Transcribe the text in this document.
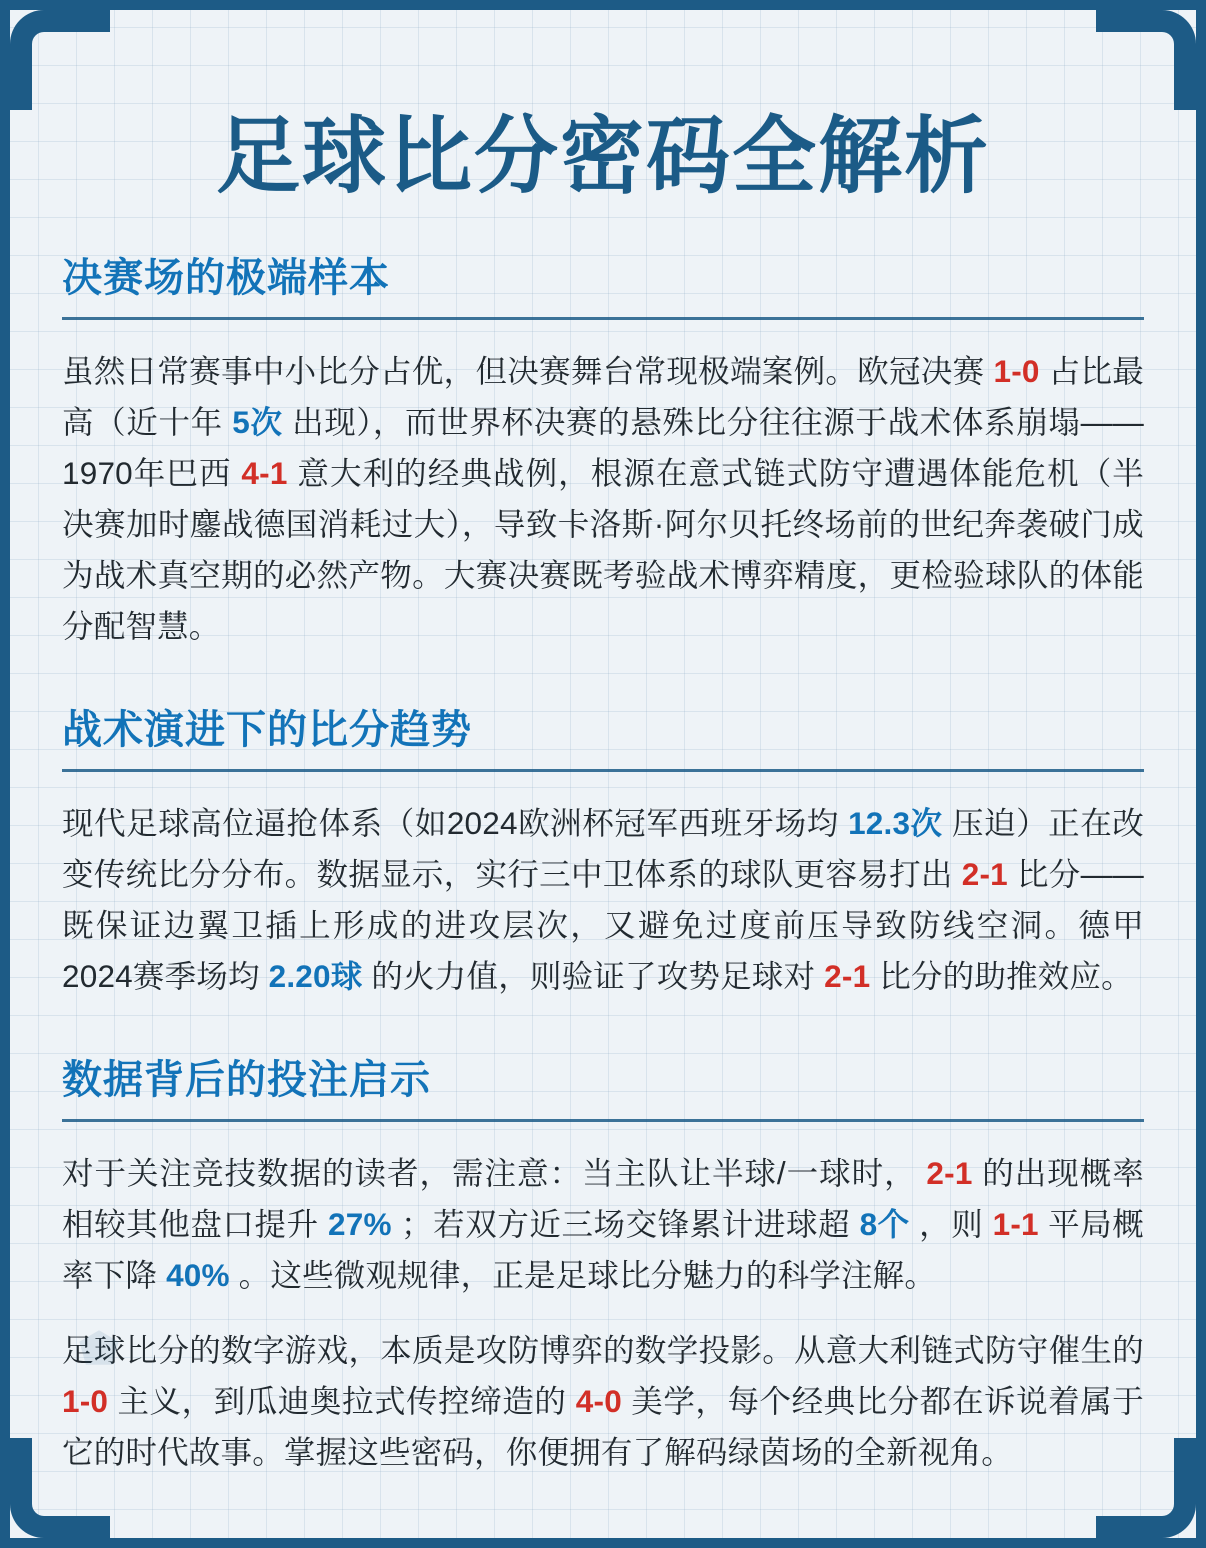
足球比分密码全解析
决赛场的极端样本

虽然日常赛事中小比分占优，但决赛舞台常现极端案例。欧冠决赛 1-0 占比最高（近十年 5次 出现），而世界杯决赛的悬殊比分往往源于战术体系崩塌——1970年巴西 4-1 意大利的经典战例，根源在意式链式防守遭遇体能危机（半决赛加时鏖战德国消耗过大），导致卡洛斯·阿尔贝托终场前的世纪奔袭破门成为战术真空期的必然产物。大赛决赛既考验战术博弈精度，更检验球队的体能分配智慧。

战术演进下的比分趋势

现代足球高位逼抢体系（如2024欧洲杯冠军西班牙场均 12.3次 压迫）正在改变传统比分分布。数据显示，实行三中卫体系的球队更容易打出 2-1 比分——既保证边翼卫插上形成的进攻层次，又避免过度前压导致防线空洞。德甲2024赛季场均 2.20球 的火力值，则验证了攻势足球对 2-1 比分的助推效应。

数据背后的投注启示

对于关注竞技数据的读者，需注意：当主队让半球/一球时， 2-1 的出现概率相较其他盘口提升 27% ；若双方近三场交锋累计进球超 8个 ，则 1-1 平局概率下降 40% 。这些微观规律，正是足球比分魅力的科学注解。

足球比分的数字游戏，本质是攻防博弈的数学投影。从意大利链式防守催生的 1-0 主义，到瓜迪奥拉式传控缔造的 4-0 美学，每个经典比分都在诉说着属于它的时代故事。掌握这些密码，你便拥有了解码绿茵场的全新视角。
